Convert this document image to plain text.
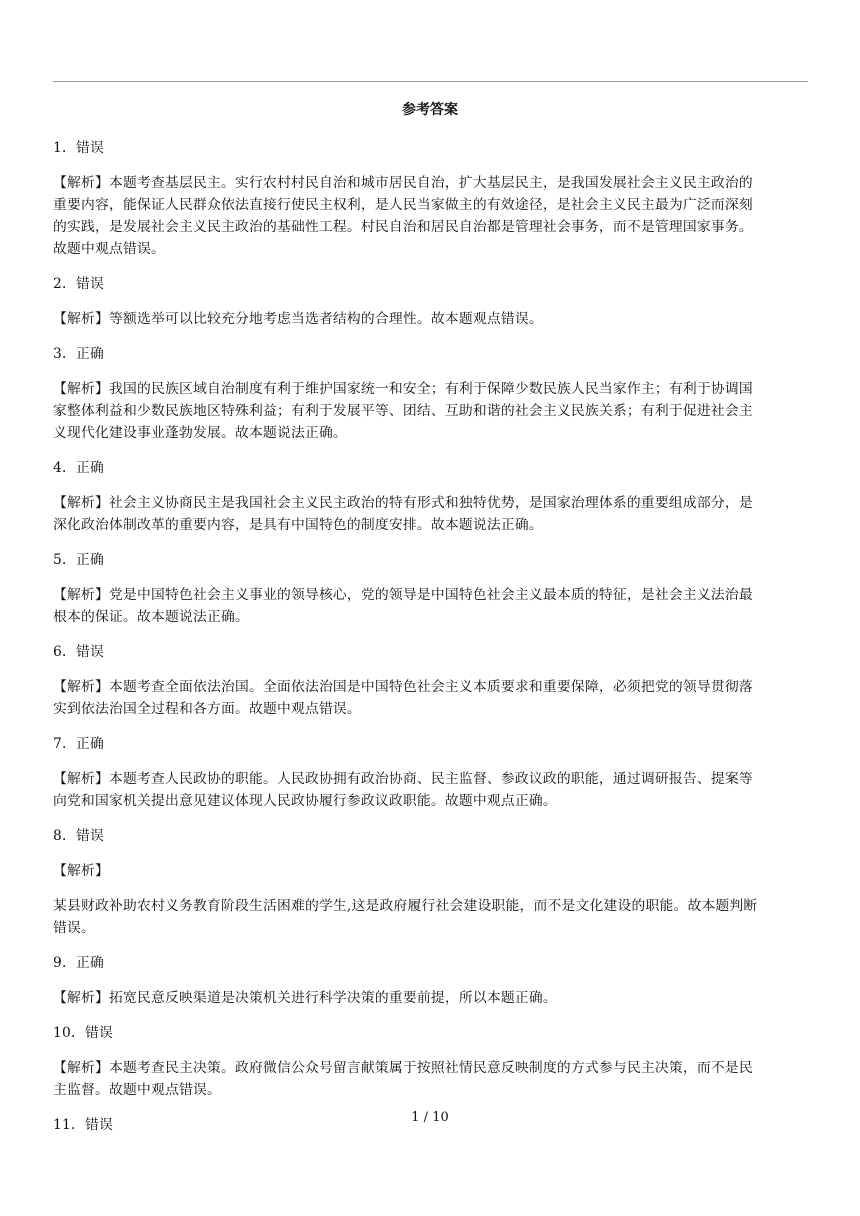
参考答案
1．错误
【解析】本题考查基层民主。实行农村村民自治和城市居民自治，扩大基层民主，是我国发展社会主义民主政治的
重要内容，能保证人民群众依法直接行使民主权利，是人民当家做主的有效途径，是社会主义民主最为广泛而深刻
的实践，是发展社会主义民主政治的基础性工程。村民自治和居民自治都是管理社会事务，而不是管理国家事务。
故题中观点错误。
2．错误
【解析】等额选举可以比较充分地考虑当选者结构的合理性。故本题观点错误。
3．正确
【解析】我国的民族区域自治制度有利于维护国家统一和安全；有利于保障少数民族人民当家作主；有利于协调国
家整体利益和少数民族地区特殊利益；有利于发展平等、团结、互助和谐的社会主义民族关系；有利于促进社会主
义现代化建设事业蓬勃发展。故本题说法正确。
4．正确
【解析】社会主义协商民主是我国社会主义民主政治的特有形式和独特优势，是国家治理体系的重要组成部分，是
深化政治体制改革的重要内容，是具有中国特色的制度安排。故本题说法正确。
5．正确
【解析】党是中国特色社会主义事业的领导核心，党的领导是中国特色社会主义最本质的特征，是社会主义法治最
根本的保证。故本题说法正确。
6．错误
【解析】本题考查全面依法治国。全面依法治国是中国特色社会主义本质要求和重要保障，必须把党的领导贯彻落
实到依法治国全过程和各方面。故题中观点错误。
7．正确
【解析】本题考查人民政协的职能。人民政协拥有政治协商、民主监督、参政议政的职能，通过调研报告、提案等
向党和国家机关提出意见建议体现人民政协履行参政议政职能。故题中观点正确。
8．错误
【解析】
某县财政补助农村义务教育阶段生活困难的学生,这是政府履行社会建设职能，而不是文化建设的职能。故本题判断
错误。
9．正确
【解析】拓宽民意反映渠道是决策机关进行科学决策的重要前提，所以本题正确。
10．错误
【解析】本题考查民主决策。政府微信公众号留言献策属于按照社情民意反映制度的方式参与民主决策，而不是民
主监督。故题中观点错误。
11．错误	1 / 10
